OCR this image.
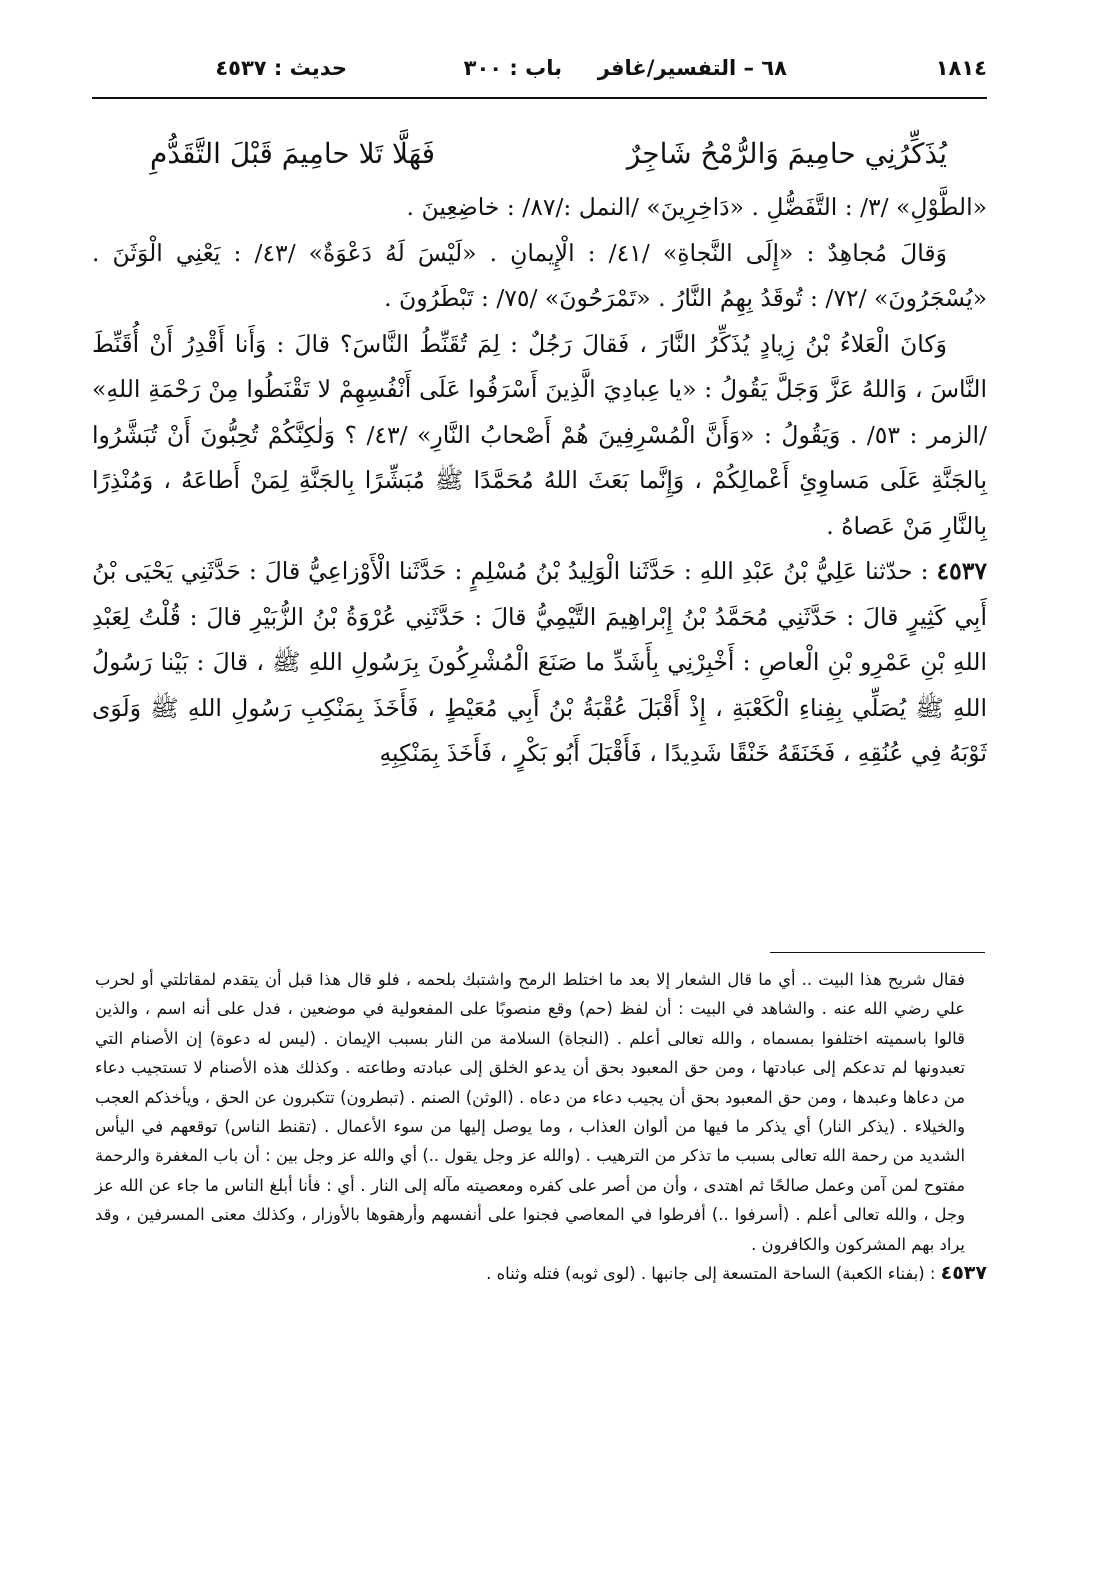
١٨١٤
٦٨ – التفسير/غافر
باب : ٣٠٠
حديث : ٤٥٣٧
يُذَكِّرُنِي حامِيمَ وَالرُّمْحُ شَاجِرٌ
فَهَلَّا تَلا حامِيمَ قَبْلَ التَّقَدُّمِ

«الطَّوْلِ» /٣/ : التَّفَضُّلِ . «دَاخِرِينَ» /النمل :/٨٧/ : خاضِعِينَ .

وَقالَ مُجاهِدٌ : «إِلَى النَّجاةِ» /٤١/ : الْإِيمانِ . «لَيْسَ لَهُ دَعْوَةٌ» /٤٣/ : يَعْنِي الْوَثَنَ . «يُسْجَرُونَ» /٧٢/ : تُوقَدُ بِهِمُ النَّارُ . «تَمْرَحُونَ» /٧٥/ : تَبْطَرُونَ .

وَكانَ الْعَلاءُ بْنُ زِيادٍ يُذَكِّرُ النَّارَ ، فَقالَ رَجُلٌ : لِمَ تُقَنِّطُ النَّاسَ؟ قالَ : وَأَنا أَقْدِرُ أَنْ أُقَنِّطَ النَّاسَ ، وَاللهُ عَزَّ وَجَلَّ يَقُولُ : «يا عِبادِيَ الَّذِينَ أَسْرَفُوا عَلَى أَنْفُسِهِمْ لا تَقْنَطُوا مِنْ رَحْمَةِ اللهِ» /الزمر : ٥٣/ . وَيَقُولُ : «وَأَنَّ الْمُسْرِفِينَ هُمْ أَصْحابُ النَّارِ» /٤٣/ ؟ وَلٰكِنَّكُمْ تُحِبُّونَ أَنْ تُبَشَّرُوا بِالجَنَّةِ عَلَى مَساوِئِ أَعْمالِكُمْ ، وَإِنَّما بَعَثَ اللهُ مُحَمَّدًا ﷺ مُبَشِّرًا بِالجَنَّةِ لِمَنْ أَطاعَهُ ، وَمُنْذِرًا بِالنَّارِ مَنْ عَصاهُ .

٤٥٣٧ : حدّثنا عَلِيُّ بْنُ عَبْدِ اللهِ : حَدَّثَنا الْوَلِيدُ بْنُ مُسْلِمٍ : حَدَّثَنا الْأَوْزاعِيُّ قالَ : حَدَّثَنِي يَحْيَى بْنُ أَبِي كَثِيرٍ قالَ : حَدَّثَنِي مُحَمَّدُ بْنُ إِبْراهِيمَ التَّيْمِيُّ قالَ : حَدَّثَنِي عُرْوَةُ بْنُ الزُّبَيْرِ قالَ : قُلْتُ لِعَبْدِ اللهِ بْنِ عَمْرِو بْنِ الْعاصِ : أَخْبِرْنِي بِأَشَدِّ ما صَنَعَ الْمُشْرِكُونَ بِرَسُولِ اللهِ ﷺ ، قالَ : بَيْنا رَسُولُ اللهِ ﷺ يُصَلِّي بِفِناءِ الْكَعْبَةِ ، إِذْ أَقْبَلَ عُقْبَةُ بْنُ أَبِي مُعَيْطٍ ، فَأَخَذَ بِمَنْكِبِ رَسُولِ اللهِ ﷺ وَلَوَى ثَوْبَهُ فِي عُنُقِهِ ، فَخَنَقَهُ خَنْقًا شَدِيدًا ، فَأَقْبَلَ أَبُو بَكْرٍ ، فَأَخَذَ بِمَنْكِبِهِ

فقال شريح هذا البيت .. أي ما قال الشعار إلا بعد ما اختلط الرمح واشتبك بلحمه ، فلو قال هذا قبل أن يتقدم لمقاتلتي أو لحرب علي رضي الله عنه . والشاهد في البيت : أن لفظ (حم) وقع منصوبًا على المفعولية في موضعين ، فدل على أنه اسم ، والذين قالوا باسميته اختلفوا بمسماه ، والله تعالى أعلم . (النجاة) السلامة من النار بسبب الإيمان . (ليس له دعوة) إن الأصنام التي تعبدونها لم تدعكم إلى عبادتها ، ومن حق المعبود بحق أن يدعو الخلق إلى عبادته وطاعته . وكذلك هذه الأصنام لا تستجيب دعاء من دعاها وعبدها ، ومن حق المعبود بحق أن يجيب دعاء من دعاه . (الوثن) الصنم . (تبطرون) تتكبرون عن الحق ، ويأخذكم العجب والخيلاء . (يذكر النار) أي يذكر ما فيها من ألوان العذاب ، وما يوصل إليها من سوء الأعمال . (تقنط الناس) توقعهم في اليأس الشديد من رحمة الله تعالى بسبب ما تذكر من الترهيب . (والله عز وجل يقول ..) أي والله عز وجل بين : أن باب المغفرة والرحمة مفتوح لمن آمن وعمل صالحًا ثم اهتدى ، وأن من أصر على كفره ومعصيته مآله إلى النار . أي : فأنا أبلغ الناس ما جاء عن الله عز وجل ، والله تعالى أعلم . (أسرفوا ..) أفرطوا في المعاصي فجنوا على أنفسهم وأرهقوها بالأوزار ، وكذلك معنى المسرفين ، وقد يراد بهم المشركون والكافرون .

٤٥٣٧ : (بفناء الكعبة) الساحة المتسعة إلى جانبها . (لوى ثوبه) فتله وثناه .
